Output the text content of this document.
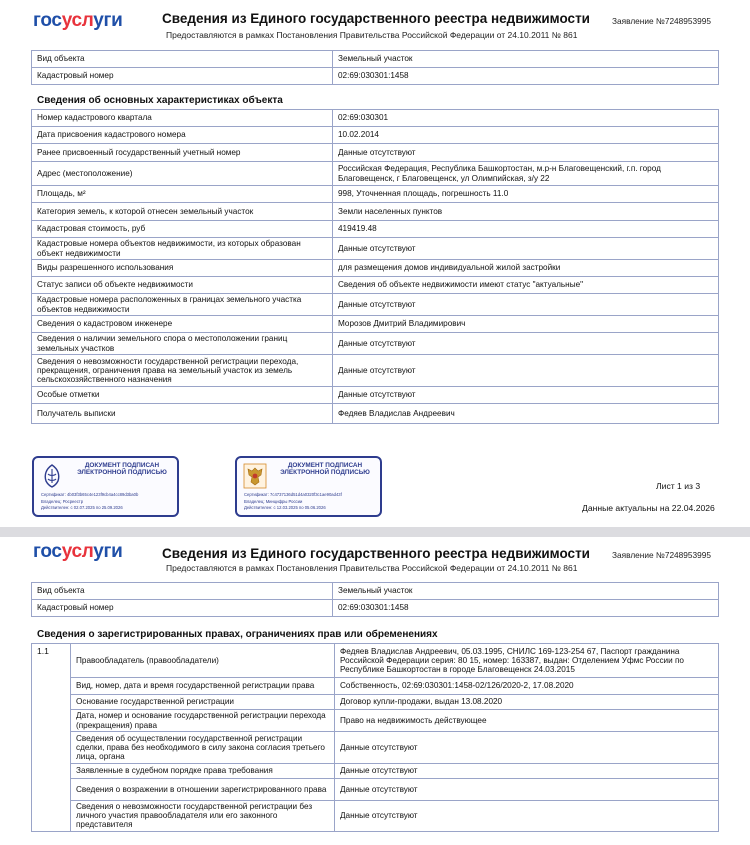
госуслуги	Сведения из Единого государственного реестра недвижимости
Предоставляются в рамках Постановления Правительства Российской Федерации от 24.10.2011 № 861
Заявление №7248953995
Вид объекта	Земельный участок
Кадастровый номер	02:69:030301:1458
Сведения об основных характеристиках объекта
Номер кадастрового квартала	02:69:030301
Дата присвоения кадастрового номера	10.02.2014
Ранее присвоенный государственный учетный номер	Данные отсутствуют
Адрес (местоположение)	Российская Федерация, Республика Башкортостан, м.р-н Благовещенский, г.п. город Благовещенск, г Благовещенск, ул Олимпийская, з/у 22
Площадь, м²	998, Уточненная площадь, погрешность 11.0
Категория земель, к которой отнесен земельный участок	Земли населенных пунктов
Кадастровая стоимость, руб	419419.48
Кадастровые номера объектов недвижимости, из которых образован объект недвижимости	Данные отсутствуют
Виды разрешенного использования	для размещения домов индивидуальной жилой застройки
Статус записи об объекте недвижимости	Сведения об объекте недвижимости имеют статус "актуальные"
Кадастровые номера расположенных в границах земельного участка объектов недвижимости	Данные отсутствуют
Сведения о кадастровом инженере	Морозов Дмитрий Владимирович
Сведения о наличии земельного спора о местоположении границ земельных участков	Данные отсутствуют
Сведения о невозможности государственной регистрации перехода, прекращения, ограничения права на земельный участок из земель сельскохозяйственного назначения	Данные отсутствуют
Особые отметки	Данные отсутствуют
Получатель выписки	Федяев Владислав Андреевич
ДОКУМЕНТ ПОДПИСАН ЭЛЕКТРОННОЙ ПОДПИСЬЮ
Сертификат: 4b03f3b65c4e123f9cb4a4cc89d3ba0b
Владелец: Росреестр
Действителен: с 02.07.2025 по 25.09.2026
ДОКУМЕНТ ПОДПИСАН ЭЛЕКТРОННОЙ ПОДПИСЬЮ
Сертификат: 7c4737136d51d4a0320f3c1ae90ad43f
Владелец: Минцифры России
Действителен: с 12.03.2025 по 05.06.2026
Лист 1 из 3
Данные актуальны на 22.04.2026
госуслуги	Сведения из Единого государственного реестра недвижимости
Предоставляются в рамках Постановления Правительства Российской Федерации от 24.10.2011 № 861
Заявление №7248953995
Вид объекта	Земельный участок
Кадастровый номер	02:69:030301:1458
Сведения о зарегистрированных правах, ограничениях прав или обременениях
1.1	Правообладатель (правообладатели)	Федяев Владислав Андреевич, 05.03.1995, СНИЛС 169-123-254 67, Паспорт гражданина Российской Федерации серия: 80 15, номер: 163387, выдан: Отделением Уфмс России по Республике Башкортостан в городе Благовещенск 24.03.2015
	Вид, номер, дата и время государственной регистрации права	Собственность, 02:69:030301:1458-02/126/2020-2, 17.08.2020
	Основание государственной регистрации	Договор купли-продажи, выдан 13.08.2020
	Дата, номер и основание государственной регистрации перехода (прекращения) права	Право на недвижимость действующее
	Сведения об осуществлении государственной регистрации сделки, права без необходимого в силу закона согласия третьего лица, органа	Данные отсутствуют
	Заявленные в судебном порядке права требования	Данные отсутствуют
	Сведения о возражении в отношении зарегистрированного права	Данные отсутствуют
	Сведения о невозможности государственной регистрации без личного участия правообладателя или его законного представителя	Данные отсутствуют
